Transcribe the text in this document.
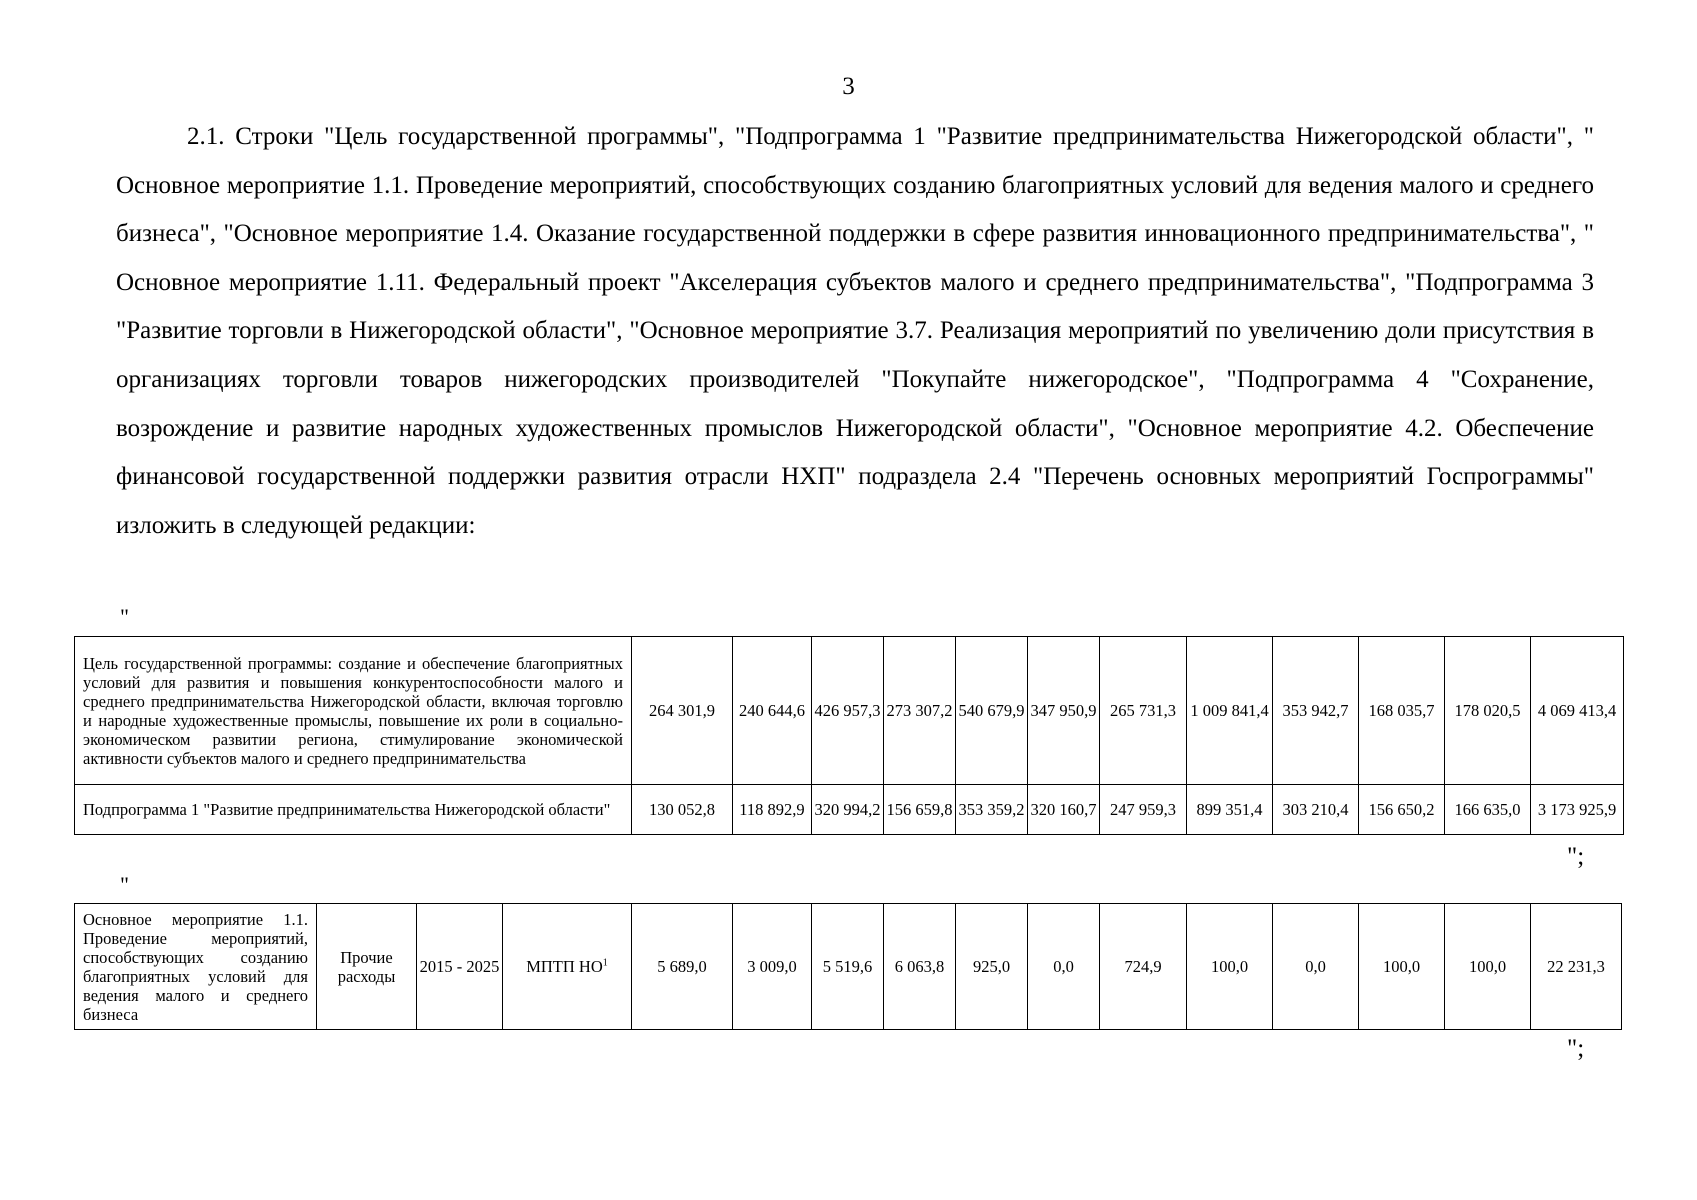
3

2.1. Строки "Цель государственной программы", "Подпрограмма 1 "Развитие предпринимательства Нижегородской области", " Основное мероприятие 1.1. Проведение мероприятий, способствующих созданию благоприятных условий для ведения малого и среднего бизнеса", "Основное мероприятие 1.4. Оказание государственной поддержки в сфере развития инновационного предпринимательства", " Основное мероприятие 1.11. Федеральный проект "Акселерация субъектов малого и среднего предпринимательства", "Подпрограмма 3 "Развитие торговли в Нижегородской области", "Основное мероприятие 3.7. Реализация мероприятий по увеличению доли присутствия в организациях торговли товаров нижегородских производителей "Покупайте нижегородское", "Подпрограмма 4 "Сохранение, возрождение и развитие народных художественных промыслов Нижегородской области", "Основное мероприятие 4.2. Обеспечение финансовой государственной поддержки развития отрасли НХП" подраздела 2.4 "Перечень основных мероприятий Госпрограммы" изложить в следующей редакции:

"
Цель государственной программы: создание и обеспечение благоприятных условий для развития и повышения конкурентоспособности малого и среднего предпринимательства Нижегородской области, включая торговлю и народные художественные промыслы, повышение их роли в социально-экономическом развитии региона, стимулирование экономической активности субъектов малого и среднего предпринимательства	264 301,9	240 644,6	426 957,3	273 307,2	540 679,9	347 950,9	265 731,3	1 009 841,4	353 942,7	168 035,7	178 020,5	4 069 413,4
Подпрограмма 1 "Развитие предпринимательства Нижегородской области"	130 052,8	118 892,9	320 994,2	156 659,8	353 359,2	320 160,7	247 959,3	899 351,4	303 210,4	156 650,2	166 635,0	3 173 925,9
";
"
Основное мероприятие 1.1. Проведение мероприятий, способствующих созданию благоприятных условий для ведения малого и среднего бизнеса	Прочие расходы	2015 - 2025	МПТП $НО^1$	5 689,0	3 009,0	5 519,6	6 063,8	925,0	0,0	724,9	100,0	0,0	100,0	100,0	22 231,3
";
